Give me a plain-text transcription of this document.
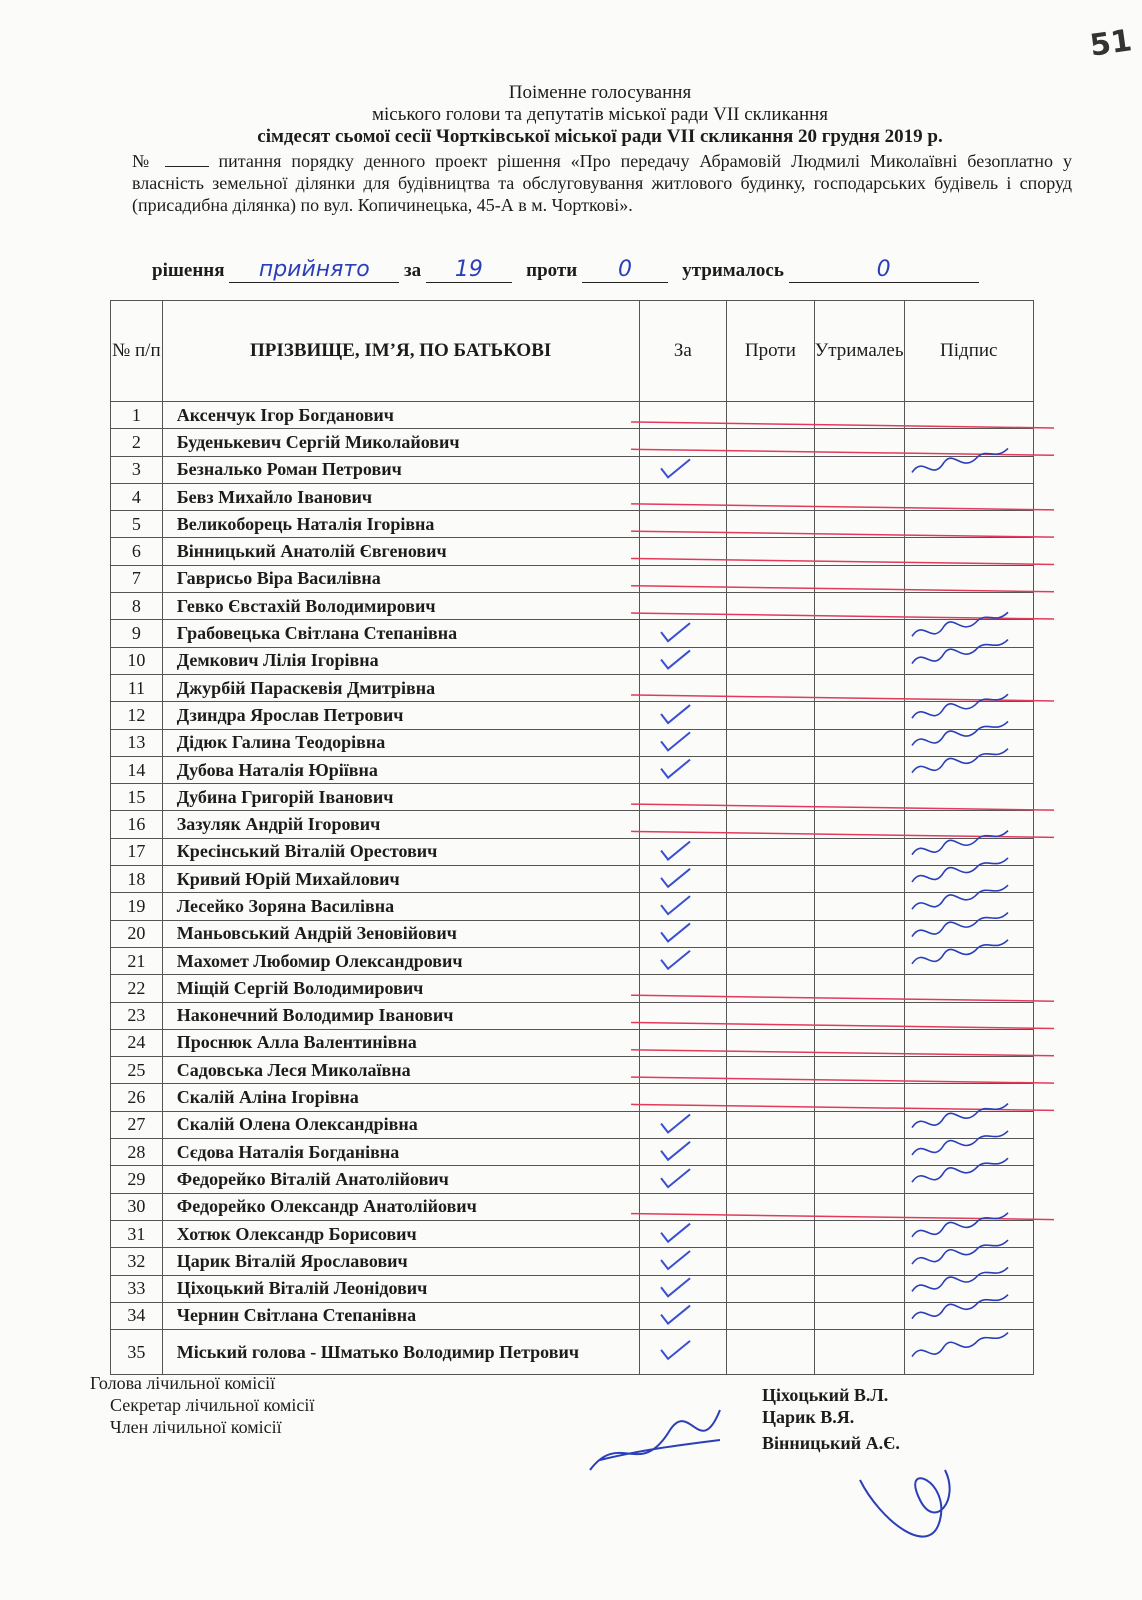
51
Поіменне голосування
міського голови та депутатів міської ради VII скликання
сімдесят сьомої сесії Чортківської міської ради VII скликання 20 грудня 2019 р.
№	питання порядку денного проект рішення «Про передачу Абрамовій Людмилі Миколаївні безоплатно у власність земельної ділянки для будівництва та обслуговування житлового будинку, господарських будівель і споруд (присадибна ділянка) по вул. Копичинецька, 45-А в м. Чорткові».
рішення прийнято за 19 проти 0	утрималось	0
№ п/п	ПРІЗВИЩЕ, ІМ’Я, ПО БАТЬКОВІ	За	Проти	Утрималеь	Підпис
1	Аксенчук Ігор Богданович				
2	Буденькевич Сергій Миколайович				
3	Безналько Роман Петрович				
4	Бевз Михайло Іванович				
5	Великоборець Наталія Ігорівна				
6	Вінницький Анатолій Євгенович				
7	Гаврисьо Віра Василівна				
8	Гевко Євстахій Володимирович				
9	Грабовецька Світлана Степанівна				
10	Демкович Лілія Ігорівна				
11	Джурбій Параскевія Дмитрівна				
12	Дзиндра Ярослав Петрович				
13	Дідюк Галина Теодорівна				
14	Дубова Наталія Юріївна				
15	Дубина Григорій Іванович				
16	Зазуляк Андрій Ігорович				
17	Кресінський Віталій Орестович				
18	Кривий Юрій Михайлович				
19	Лесейко Зоряна Василівна				
20	Маньовський Андрій Зеновійович				
21	Махомет Любомир Олександрович				
22	Міщій Сергій Володимирович				
23	Наконечний Володимир Іванович				
24	Проснюк Алла Валентинівна				
25	Садовська Леся Миколаївна				
26	Скалій Аліна Ігорівна				
27	Скалій Олена Олександрівна				
28	Сєдова Наталія Богданівна				
29	Федорейко Віталій Анатолійович				
30	Федорейко Олександр Анатолійович				
31	Хотюк Олександр Борисович				
32	Царик Віталій Ярославович				
33	Ціхоцький Віталій Леонідович				
34	Чернин Світлана Степанівна				
35	Міський голова - Шматько Володимир Петрович				
Голова лічильної комісії
Секретар лічильної комісії
Член лічильної комісії
Ціхоцький В.Л.
Царик В.Я.
Вінницький А.Є.
